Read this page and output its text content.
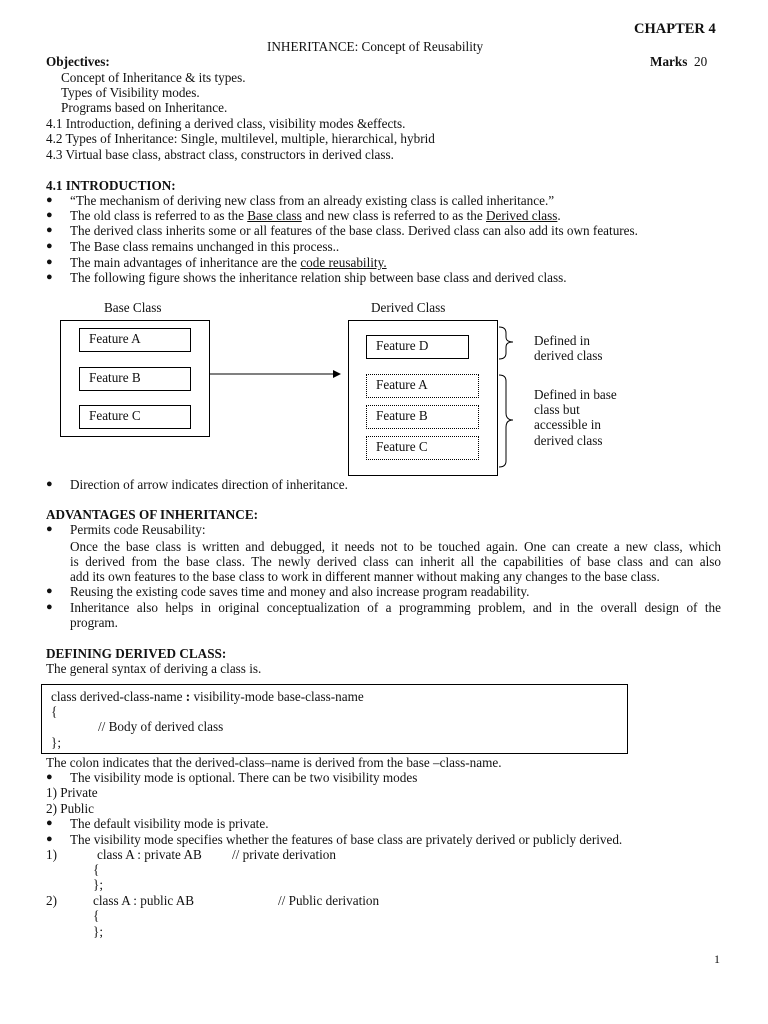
CHAPTER 4
INHERITANCE: Concept of Reusability
Objectives:	Marks 20
Concept of Inheritance & its types.
Types of Visibility modes.
Programs based on Inheritance.
4.1 Introduction, defining a derived class, visibility modes &effects.
4.2 Types of Inheritance: Single, multilevel, multiple, hierarchical, hybrid
4.3 Virtual base class, abstract class, constructors in derived class.
4.1 INTRODUCTION:
● “The mechanism of deriving new class from an already existing class is called inheritance.”
● The old class is referred to as the Base class and new class is referred to as the Derived class.
● The derived class inherits some or all features of the base class. Derived class can also add its own features.
● The Base class remains unchanged in this process..
● The main advantages of inheritance are the code reusability.
● The following figure shows the inheritance relation ship between base class and derived class.
Base Class	Derived Class
Feature A
Feature B
Feature C
Feature D
Feature A
Feature B
Feature C
Defined in
derived class
Defined in base
class but
accessible in
derived class
● Direction of arrow indicates direction of inheritance.
ADVANTAGES OF INHERITANCE:
● Permits code Reusability:
Once the base class is written and debugged, it needs not to be touched again. One can create a new class, which
is derived from the base class. The newly derived class can inherit all the capabilities of base class and can also
add its own features to the base class to work in different manner without making any changes to the base class.
● Reusing the existing code saves time and money and also increase program readability.
● Inheritance also helps in original conceptualization of a programming problem, and in the overall design of the
program.
DEFINING DERIVED CLASS:
The general syntax of deriving a class is.
class derived-class-name : visibility-mode base-class-name
{
// Body of derived class
};
The colon indicates that the derived-class–name is derived from the base –class-name.
● The visibility mode is optional. There can be two visibility modes
1) Private
2) Public
● The default visibility mode is private.
● The visibility mode specifies whether the features of base class are privately derived or publicly derived.
1)	class A : private AB // private derivation
{
};
2)	class A : public AB	// Public derivation
{
};
1
